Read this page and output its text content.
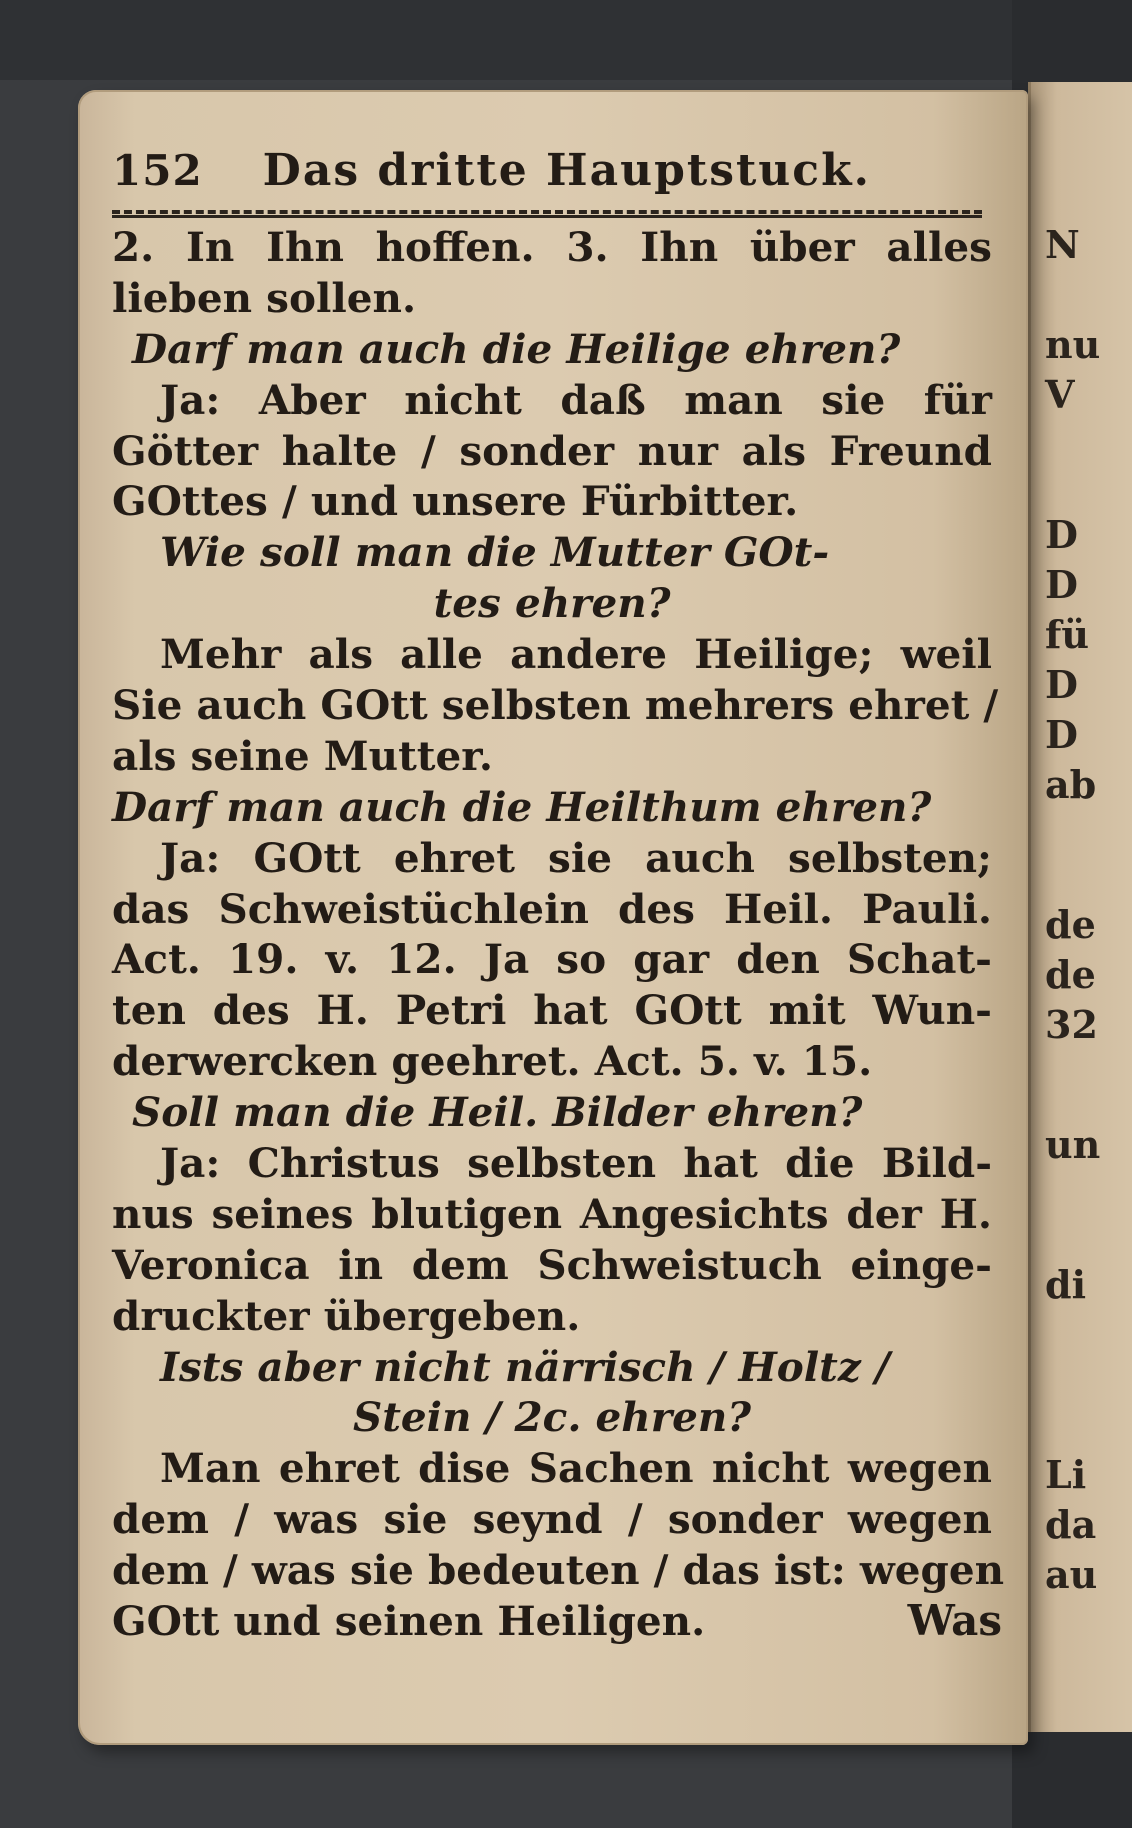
N
nu
V
D
D
fü
D
D
ab
de
de
32
un
di
Li
da
au
152 Das dritte Hauptstuck.
2. In Ihn hoffen. 3. Ihn über alles
lieben sollen.
Darf man auch die Heilige ehren?
Ja: Aber nicht daß man sie für
Götter halte / sonder nur als Freund
GOttes / und unsere Fürbitter.
Wie soll man die Mutter GOt-
tes ehren?
Mehr als alle andere Heilige; weil
Sie auch GOtt selbsten mehrers ehret /
als seine Mutter.
Darf man auch die Heilthum ehren?
Ja: GOtt ehret sie auch selbsten;
das Schweistüchlein des Heil. Pauli.
Act. 19. v. 12. Ja so gar den Schat-
ten des H. Petri hat GOtt mit Wun-
derwercken geehret. Act. 5. v. 15.
Soll man die Heil. Bilder ehren?
Ja: Christus selbsten hat die Bild-
nus seines blutigen Angesichts der H.
Veronica in dem Schweistuch einge-
druckter übergeben.
Ists aber nicht närrisch / Holtz /
Stein / 2c. ehren?
Man ehret dise Sachen nicht wegen
dem / was sie seynd / sonder wegen
dem / was sie bedeuten / das ist: wegen
GOtt und seinen Heiligen.	Was
